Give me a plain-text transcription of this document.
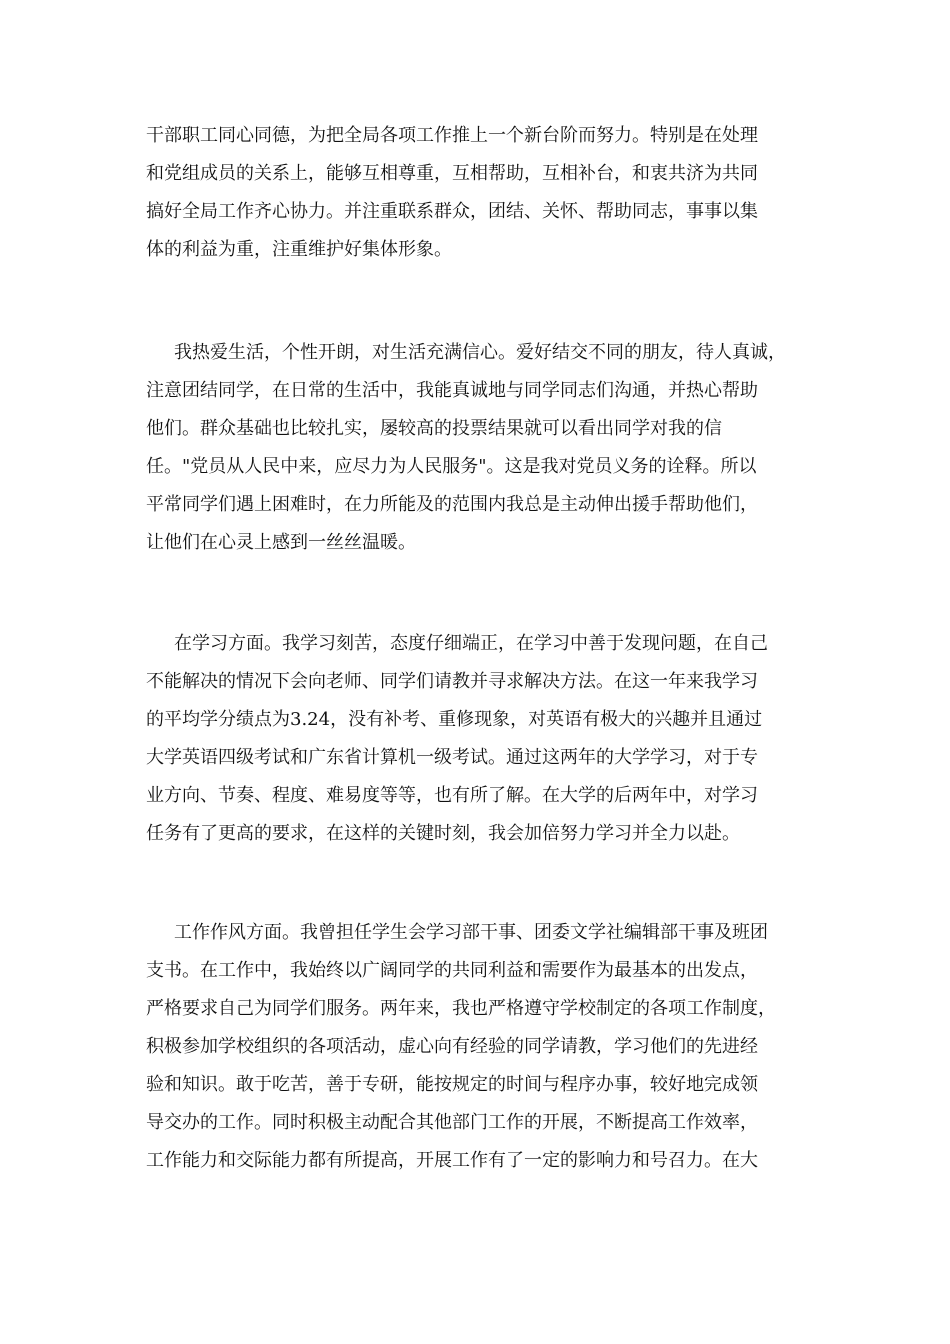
干部职工同心同德，为把全局各项工作推上一个新台阶而努力。特别是在处理
和党组成员的关系上，能够互相尊重，互相帮助，互相补台，和衷共济为共同
搞好全局工作齐心协力。并注重联系群众，团结、关怀、帮助同志，事事以集
体的利益为重，注重维护好集体形象。
我热爱生活，个性开朗，对生活充满信心。爱好结交不同的朋友，待人真诚，
注意团结同学，在日常的生活中，我能真诚地与同学同志们沟通，并热心帮助
他们。群众基础也比较扎实，屡较高的投票结果就可以看出同学对我的信
任。"党员从人民中来，应尽力为人民服务"。这是我对党员义务的诠释。所以
平常同学们遇上困难时，在力所能及的范围内我总是主动伸出援手帮助他们，
让他们在心灵上感到一丝丝温暖。
在学习方面。我学习刻苦，态度仔细端正，在学习中善于发现问题，在自己
不能解决的情况下会向老师、同学们请教并寻求解决方法。在这一年来我学习
的平均学分绩点为3.24，没有补考、重修现象，对英语有极大的兴趣并且通过
大学英语四级考试和广东省计算机一级考试。通过这两年的大学学习，对于专
业方向、节奏、程度、难易度等等，也有所了解。在大学的后两年中，对学习
任务有了更高的要求，在这样的关键时刻，我会加倍努力学习并全力以赴。
工作作风方面。我曾担任学生会学习部干事、团委文学社编辑部干事及班团
支书。在工作中，我始终以广阔同学的共同利益和需要作为最基本的出发点，
严格要求自己为同学们服务。两年来，我也严格遵守学校制定的各项工作制度，
积极参加学校组织的各项活动，虚心向有经验的同学请教，学习他们的先进经
验和知识。敢于吃苦，善于专研，能按规定的时间与程序办事，较好地完成领
导交办的工作。同时积极主动配合其他部门工作的开展，不断提高工作效率，
工作能力和交际能力都有所提高，开展工作有了一定的影响力和号召力。在大
